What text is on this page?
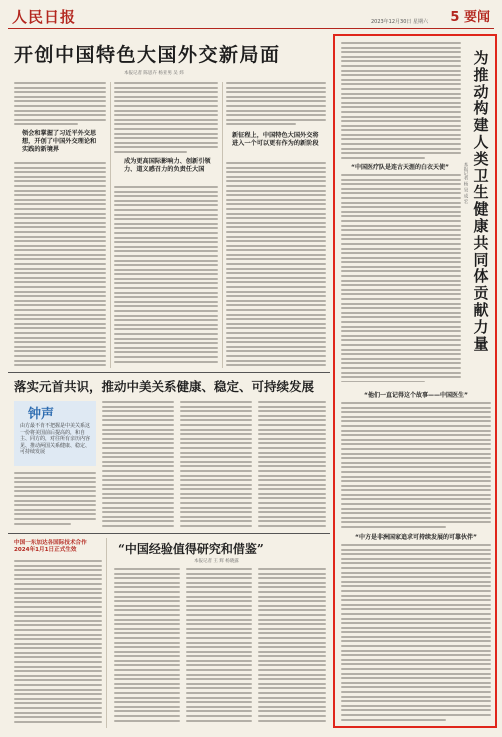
人民日报	2023年12月30日 星期六 5 要闻
开创中国特色大国外交新局面
本报记者 陈思卉 杨亚男 吴 炜
领会和掌握了习近平外交思想，开创了中国外交理论和实践的新境界
成为更高国际影响力、创新引领力、道义感召力的负责任大国
新征程上，中国特色大国外交将进入一个可以更有作为的新阶段
落实元首共识，推动中美关系健康、稳定、可持续发展
钟声
由方最不肯不把握是中美关系这一份将美国前后提高的，和自主、同方的，对往所有亲历内容见、推动两国关系健康、稳定、可持续发展
中国一东加达各国际技术合作2024年1月1日正式生效	“中国经验值得研究和借鉴”
本报记者 王 辉 杨晓露
为推动构建人类卫生健康共同体贡献力量
本报记者 杨 昊 成 宏
“中国医疗队是连古天涯的白衣天使”
“他们一直记得这个故事——中国医生”
“中方是非洲国家追求可持续发展的可靠伙伴”
